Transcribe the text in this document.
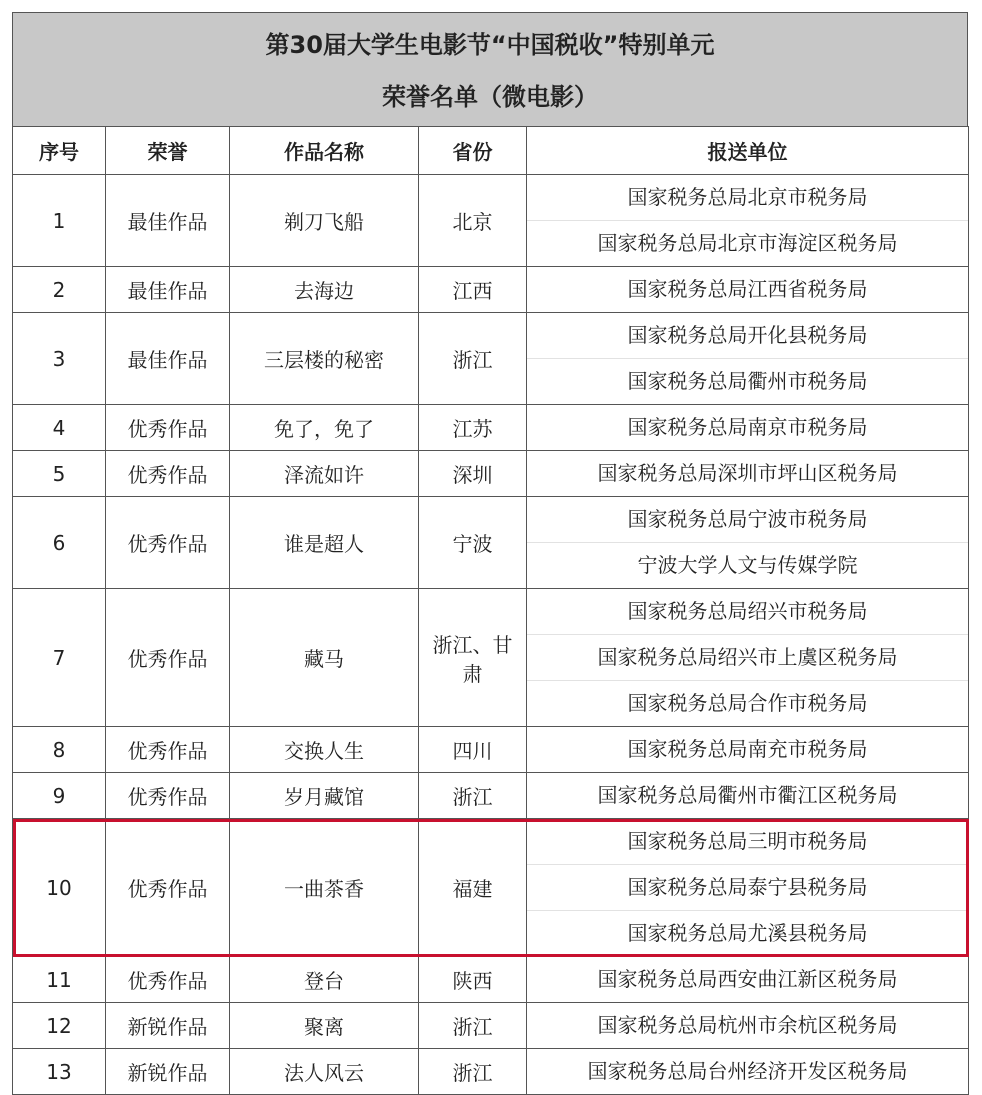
第30届大学生电影节“中国税收”特别单元
荣誉名单（微电影）
序号	荣誉	作品名称	省份	报送单位
1	最佳作品	剃刀飞船	北京	国家税务总局北京市税务局
国家税务总局北京市海淀区税务局

2	最佳作品	去海边	江西	国家税务总局江西省税务局

3	最佳作品	三层楼的秘密	浙江	国家税务总局开化县税务局
国家税务总局衢州市税务局

4	优秀作品	免了，免了	江苏	国家税务总局南京市税务局

5	优秀作品	泽流如许	深圳	国家税务总局深圳市坪山区税务局

6	优秀作品	谁是超人	宁波	国家税务总局宁波市税务局
宁波大学人文与传媒学院

7	优秀作品	藏马	浙江、甘肃	国家税务总局绍兴市税务局
国家税务总局绍兴市上虞区税务局
国家税务总局合作市税务局

8	优秀作品	交换人生	四川	国家税务总局南充市税务局

9	优秀作品	岁月藏馆	浙江	国家税务总局衢州市衢江区税务局

10	优秀作品	一曲茶香	福建	国家税务总局三明市税务局
国家税务总局泰宁县税务局
国家税务总局尤溪县税务局

11	优秀作品	登台	陕西	国家税务总局西安曲江新区税务局

12	新锐作品	聚离	浙江	国家税务总局杭州市余杭区税务局

13	新锐作品	法人风云	浙江	国家税务总局台州经济开发区税务局
